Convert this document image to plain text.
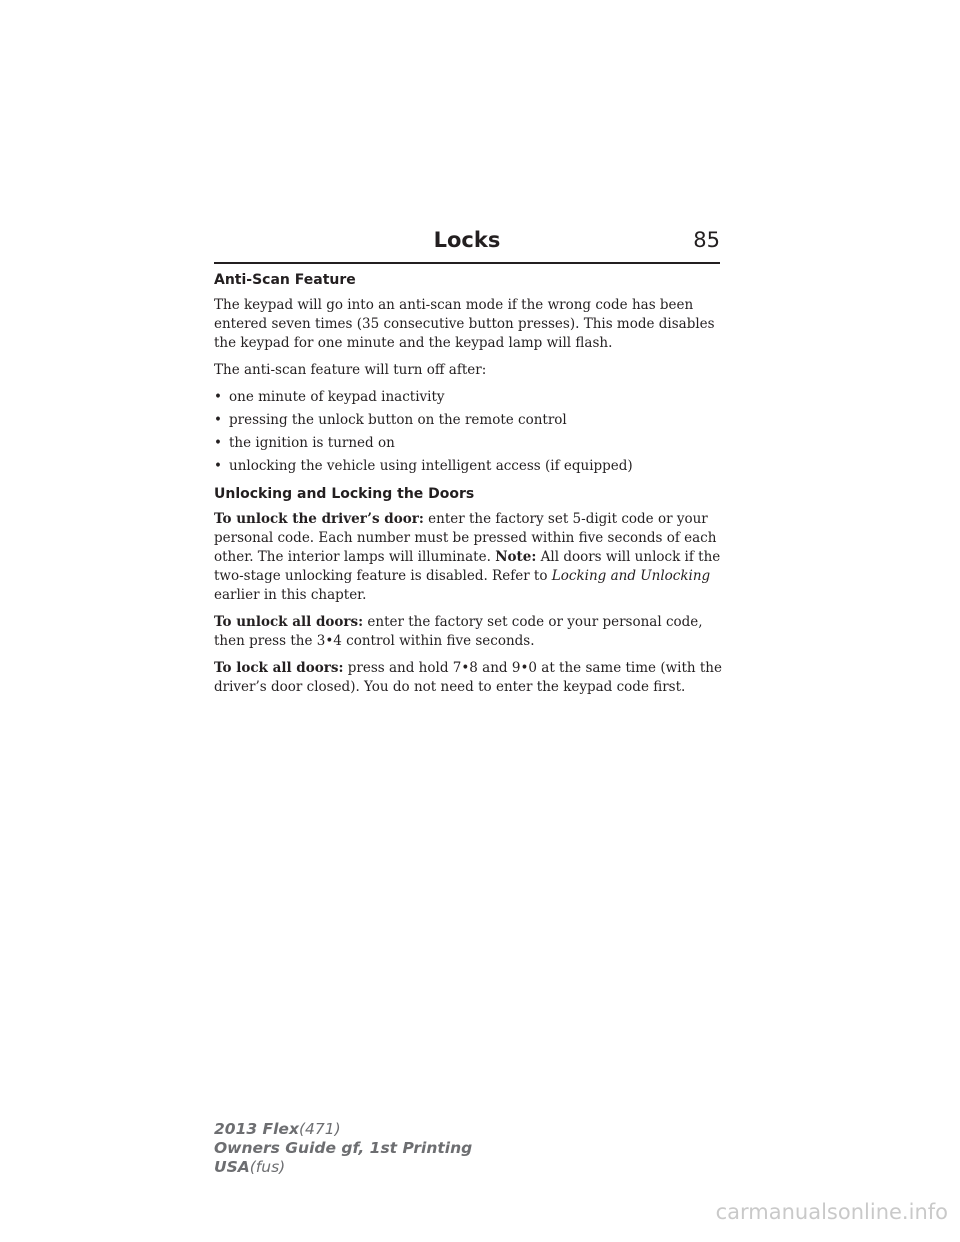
Locks	85
Anti-Scan Feature

The keypad will go into an anti-scan mode if the wrong code has been entered seven times (35 consecutive button presses). This mode disables the keypad for one minute and the keypad lamp will flash.

The anti-scan feature will turn off after:

• one minute of keypad inactivity
• pressing the unlock button on the remote control
• the ignition is turned on
• unlocking the vehicle using intelligent access (if equipped)
Unlocking and Locking the Doors

To unlock the driver’s door: enter the factory set 5-digit code or your personal code. Each number must be pressed within five seconds of each other. The interior lamps will illuminate. Note: All doors will unlock if the two-stage unlocking feature is disabled. Refer to Locking and Unlocking earlier in this chapter.

To unlock all doors: enter the factory set code or your personal code, then press the 3•4 control within five seconds.

To lock all doors: press and hold 7•8 and 9•0 at the same time (with the driver’s door closed). You do not need to enter the keypad code first.

2013 Flex(471)
Owners Guide gf, 1st Printing
USA(fus)
carmanualsonline.info
